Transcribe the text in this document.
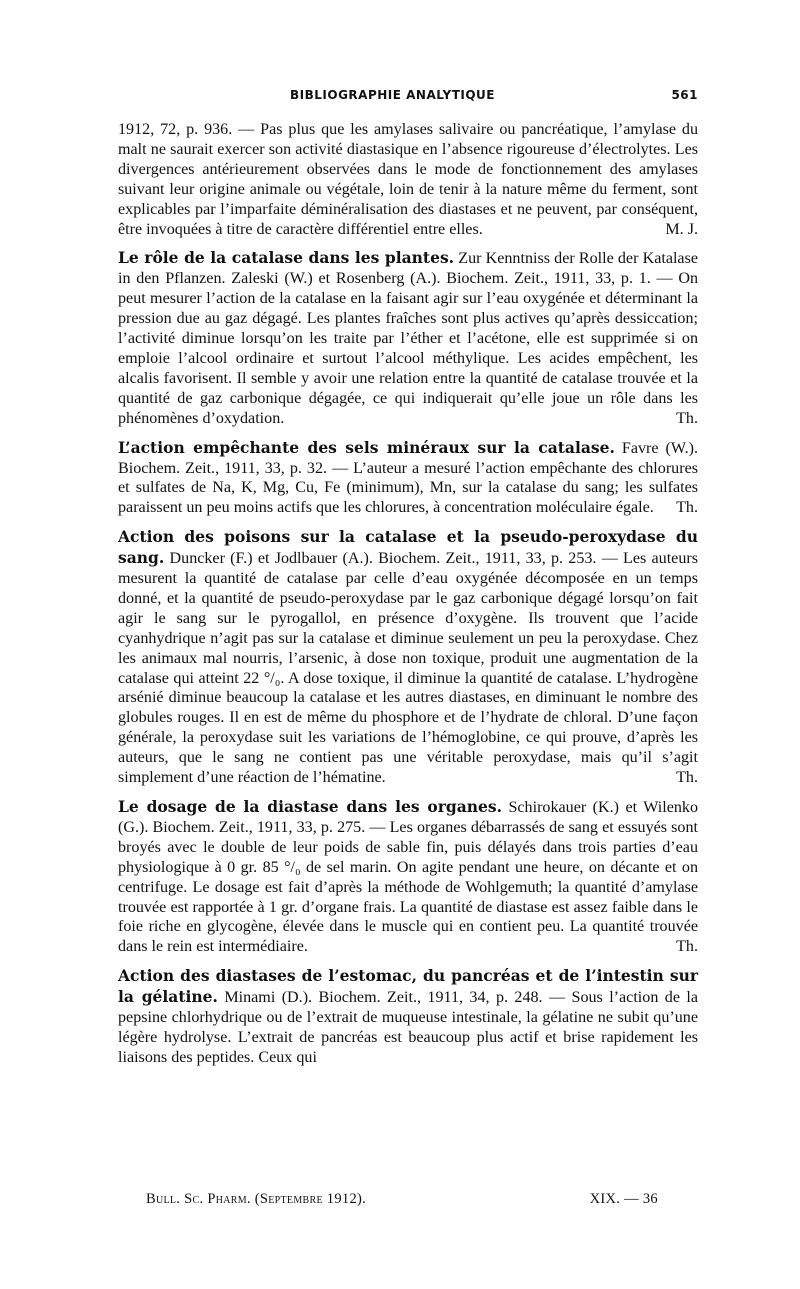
BIBLIOGRAPHIE ANALYTIQUE	561

1912, 72, p. 936. — Pas plus que les amylases salivaire ou pancréatique, l’amylase du malt ne saurait exercer son activité diastasique en l’absence rigoureuse d’électrolytes. Les divergences antérieurement observées dans le mode de fonctionnement des amylases suivant leur origine animale ou végétale, loin de tenir à la nature même du ferment, sont explicables par l’imparfaite déminéralisation des diastases et ne peuvent, par conséquent, être invoquées à titre de caractère différentiel entre elles.	M. J.

Le rôle de la catalase dans les plantes. Zur Kenntniss der Rolle der Katalase in den Pflanzen. Zaleski (W.) et Rosenberg (A.). Biochem. Zeit., 1911, 33, p. 1. — On peut mesurer l’action de la catalase en la faisant agir sur l’eau oxygénée et déterminant la pression due au gaz dégagé. Les plantes fraîches sont plus actives qu’après dessiccation; l’activité diminue lorsqu’on les traite par l’éther et l’acétone, elle est supprimée si on emploie l’alcool ordinaire et surtout l’alcool méthylique. Les acides empêchent, les alcalis favorisent. Il semble y avoir une relation entre la quantité de catalase trouvée et la quantité de gaz carbonique dégagée, ce qui indiquerait qu’elle joue un rôle dans les phénomènes d’oxydation.	Th.

L’action empêchante des sels minéraux sur la catalase. Favre (W.). Biochem. Zeit., 1911, 33, p. 32. — L’auteur a mesuré l’action empêchante des chlorures et sulfates de Na, K, Mg, Cu, Fe (minimum), Mn, sur la catalase du sang; les sulfates paraissent un peu moins actifs que les chlorures, à concentration moléculaire égale. Th.

Action des poisons sur la catalase et la pseudo-peroxydase du sang. Duncker (F.) et Jodlbauer (A.). Biochem. Zeit., 1911, 33, p. 253. — Les auteurs mesurent la quantité de catalase par celle d’eau oxygénée décomposée en un temps donné, et la quantité de pseudo-peroxydase par le gaz carbonique dégagé lorsqu’on fait agir le sang sur le pyrogallol, en présence d’oxygène. Ils trouvent que l’acide cyanhydrique n’agit pas sur la catalase et diminue seulement un peu la peroxydase. Chez les animaux mal nourris, l’arsenic, à dose non toxique, produit une augmentation de la catalase qui atteint 22 °/₀. A dose toxique, il diminue la quantité de catalase. L’hydrogène arsénié diminue beaucoup la catalase et les autres diastases, en diminuant le nombre des globules rouges. Il en est de même du phosphore et de l’hydrate de chloral. D’une façon générale, la peroxydase suit les variations de l’hémoglobine, ce qui prouve, d’après les auteurs, que le sang ne contient pas une véritable peroxydase, mais qu’il s’agit simplement d’une réaction de l’hématine.	Th.

Le dosage de la diastase dans les organes. Schirokauer (K.) et Wilenko (G.). Biochem. Zeit., 1911, 33, p. 275. — Les organes débarrassés de sang et essuyés sont broyés avec le double de leur poids de sable fin, puis délayés dans trois parties d’eau physiologique à 0 gr. 85 °/₀ de sel marin. On agite pendant une heure, on décante et on centrifuge. Le dosage est fait d’après la méthode de Wohlgemuth; la quantité d’amylase trouvée est rapportée à 1 gr. d’organe frais. La quantité de diastase est assez faible dans le foie riche en glycogène, élevée dans le muscle qui en contient peu. La quantité trouvée dans le rein est intermédiaire.	Th.

Action des diastases de l’estomac, du pancréas et de l’intestin sur la gélatine. Minami (D.). Biochem. Zeit., 1911, 34, p. 248. — Sous l’action de la pepsine chlorhydrique ou de l’extrait de muqueuse intestinale, la gélatine ne subit qu’une légère hydrolyse. L’extrait de pancréas est beaucoup plus actif et brise rapidement les liaisons des peptides. Ceux qui

Bull. Sc. Pharm. (Septembre 1912).	XIX. — 36
